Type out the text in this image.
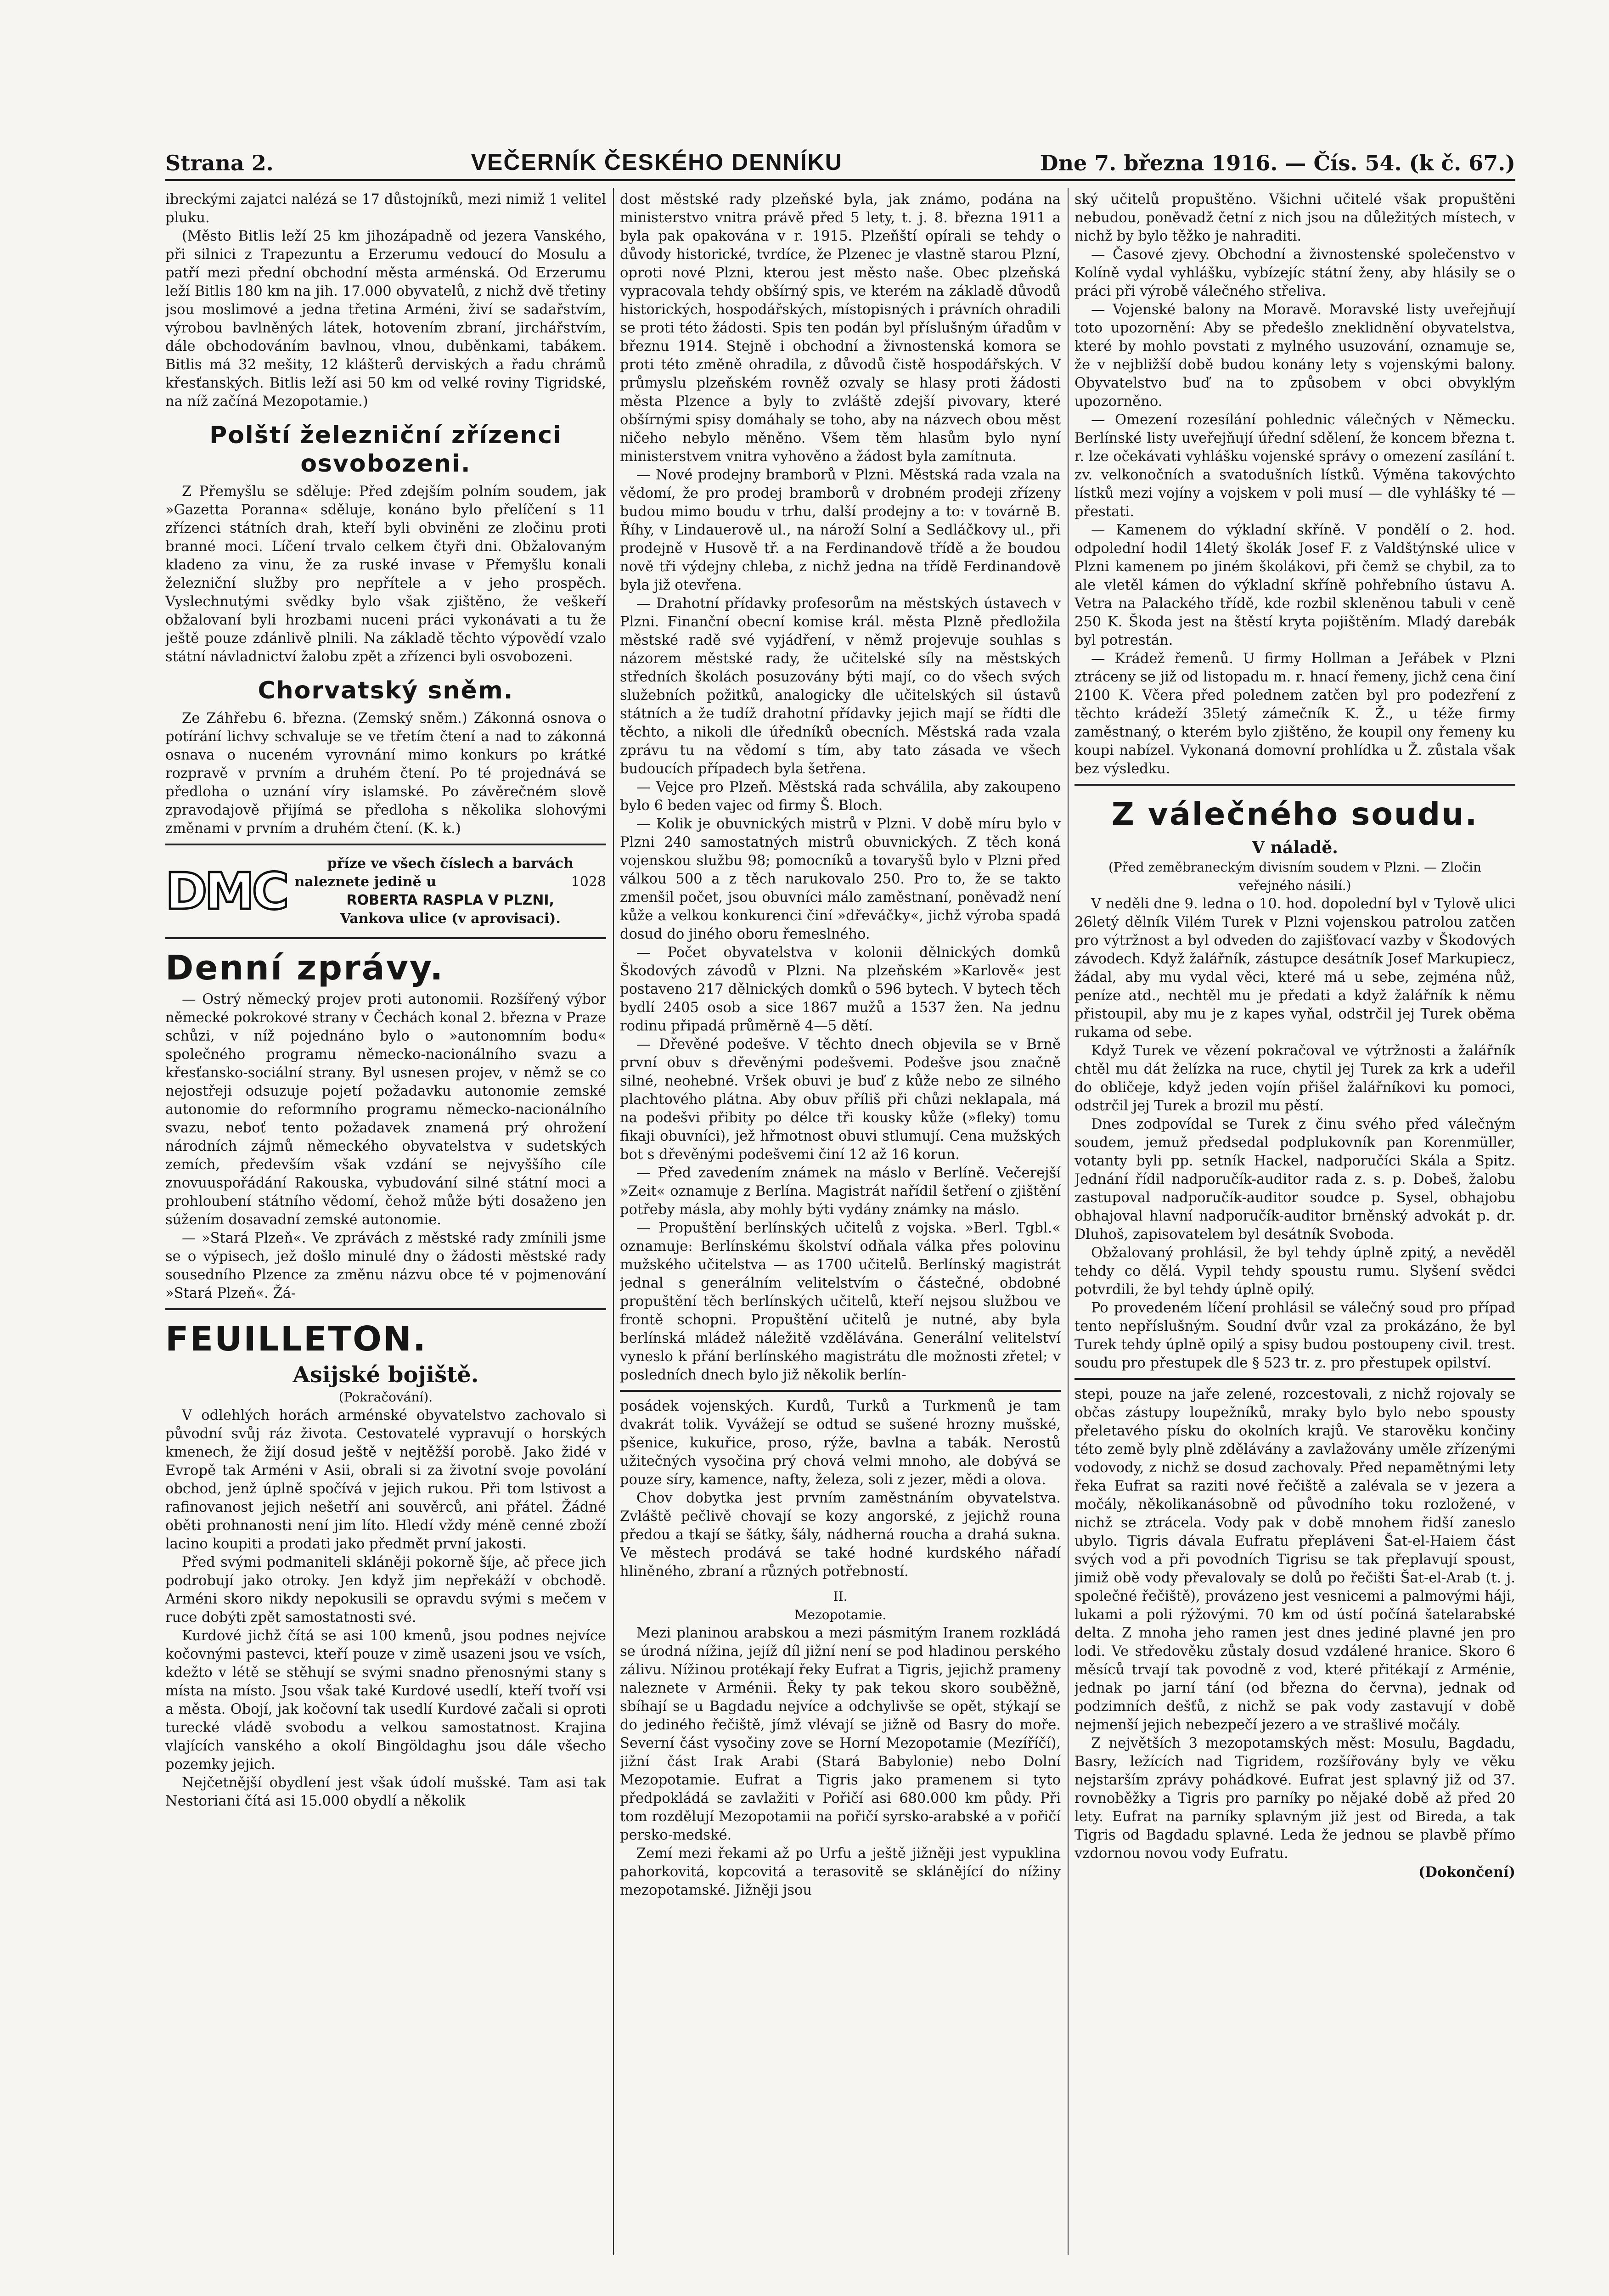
Strana 2.	VEČERNÍK ČESKÉHO DENNÍKU	Dne 7. března 1916. — Čís. 54. (k č. 67.)

ibreckými zajatci nalézá se 17 důstojníků, mezi nimiž 1 velitel pluku.

(Město Bitlis leží 25 km jihozápadně od jezera Vanského, při silnici z Trapezuntu a Erzerumu vedoucí do Mosulu a patří mezi přední obchodní města arménská. Od Erzerumu leží Bitlis 180 km na jih. 17.000 obyvatelů, z nichž dvě třetiny jsou moslimové a jedna třetina Arméni, živí se sadařstvím, výrobou bavlněných látek, hotovením zbraní, jirchářstvím, dále obchodováním bavlnou, vlnou, duběnkami, tabákem. Bitlis má 32 mešity, 12 klášterů derviských a řadu chrámů křesťanských. Bitlis leží asi 50 km od velké roviny Tigridské, na níž začíná Mezopotamie.)

Polští železniční zřízenci osvobozeni.

Z Přemyšlu se sděluje: Před zdejším polním soudem, jak »Gazetta Poranna« sděluje, konáno bylo přelíčení s 11 zřízenci státních drah, kteří byli obviněni ze zločinu proti branné moci. Líčení trvalo celkem čtyři dni. Obžalovaným kladeno za vinu, že za ruské invase v Přemyšlu konali železniční služby pro nepřítele a v jeho prospěch. Vyslechnutými svědky bylo však zjištěno, že veškeří obžalovaní byli hrozbami nuceni práci vykonávati a tu že ještě pouze zdánlivě plnili. Na základě těchto výpovědí vzalo státní návladnictví žalobu zpět a zřízenci byli osvobozeni.

Chorvatský sněm.

Ze Záhřebu 6. března. (Zemský sněm.) Zákonná osnova o potírání lichvy schvaluje se ve třetím čtení a nad to zákonná osnava o nuceném vyrovnání mimo konkurs po krátké rozpravě v prvním a druhém čtení. Po té projednává se předloha o uznání víry islamské. Po závěrečném slově zpravodajově přijímá se předloha s několika slohovými změnami v prvním a druhém čtení. (K. k.)

DMC	příze ve všech číslech a barvách
naleznete jedině u	1028
ROBERTA RASPLA V PLZNI,
Vankova ulice (v aprovisaci).
Denní zprávy.

— Ostrý německý projev proti autonomii. Rozšířený výbor německé pokrokové strany v Čechách konal 2. března v Praze schůzi, v níž pojednáno bylo o »autonomním bodu« společného programu německo-nacionálního svazu a křesťansko-sociální strany. Byl usnesen projev, v němž se co nejostřeji odsuzuje pojetí požadavku autonomie zemské autonomie do reformního programu německo-nacionálního svazu, neboť tento požadavek znamená prý ohrožení národních zájmů německého obyvatelstva v sudetských zemích, především však vzdání se nejvyššího cíle znovuuspořádání Rakouska, vybudování silné státní moci a prohloubení státního vědomí, čehož může býti dosaženo jen súžením dosavadní zemské autonomie.

— »Stará Plzeň«. Ve zprávách z městské rady zmínili jsme se o výpisech, jež došlo minulé dny o žádosti městské rady sousedního Plzence za změnu názvu obce té v pojmenování »Stará Plzeň«. Žá-

FEUILLETON.
Asijské bojiště.
(Pokračování).

V odlehlých horách arménské obyvatelstvo zachovalo si původní svůj ráz života. Cestovatelé vypravují o horských kmenech, že žijí dosud ještě v nejtěžší porobě. Jako židé v Evropě tak Arméni v Asii, obrali si za životní svoje povolání obchod, jenž úplně spočívá v jejich rukou. Při tom lstivost a rafinovanost jejich nešetří ani souvěrců, ani přátel. Žádné oběti prohnanosti není jim líto. Hledí vždy méně cenné zboží lacino koupiti a prodati jako předmět první jakosti.

Před svými podmaniteli skláněji pokorně šíje, ač přece jich podrobují jako otroky. Jen když jim nepřekáží v obchodě. Arméni skoro nikdy nepokusili se opravdu svými s mečem v ruce dobýti zpět samostatnosti své.

Kurdové jichž čítá se asi 100 kmenů, jsou podnes nejvíce kočovnými pastevci, kteří pouze v zimě usazeni jsou ve vsích, kdežto v létě se stěhují se svými snadno přenosnými stany s místa na místo. Jsou však také Kurdové usedlí, kteří tvoří vsi a města. Obojí, jak kočovní tak usedlí Kurdové začali si oproti turecké vládě svobodu a velkou samostatnost. Krajina vlajících vanského a okolí Bingöldaghu jsou dále všecho pozemky jejich.

Nejčetnější obydlení jest však údolí mušské. Tam asi tak Nestoriani čítá asi 15.000 obydlí a několik

dost městské rady plzeňské byla, jak známo, podána na ministerstvo vnitra právě před 5 lety, t. j. 8. března 1911 a byla pak opakována v r. 1915. Plzeňští opírali se tehdy o důvody historické, tvrdíce, že Plzenec je vlastně starou Plzní, oproti nové Plzni, kterou jest město naše. Obec plzeňská vypracovala tehdy obšírný spis, ve kterém na základě důvodů historických, hospodářských, místopisných i právních ohradili se proti této žádosti. Spis ten podán byl příslušným úřadům v březnu 1914. Stejně i obchodní a živnostenská komora se proti této změně ohradila, z důvodů čistě hospodářských. V průmyslu plzeňském rovněž ozvaly se hlasy proti žádosti města Plzence a byly to zvláště zdejší pivovary, které obšírnými spisy domáhaly se toho, aby na názvech obou měst ničeho nebylo měněno. Všem těm hlasům bylo nyní ministerstvem vnitra vyhověno a žádost byla zamítnuta.

— Nové prodejny bramborů v Plzni. Městská rada vzala na vědomí, že pro prodej bramborů v drobném prodeji zřízeny budou mimo boudu v trhu, další prodejny a to: v továrně B. Říhy, v Lindauerově ul., na nároží Solní a Sedláčkovy ul., při prodejně v Husově tř. a na Ferdinandově třídě a že boudou nově tři výdejny chleba, z nichž jedna na třídě Ferdinandově byla již otevřena.

— Drahotní přídavky profesorům na městských ústavech v Plzni. Finanční obecní komise král. města Plzně předložila městské radě své vyjádření, v němž projevuje souhlas s názorem městské rady, že učitelské síly na městských středních školách posuzovány býti mají, co do všech svých služebních požitků, analogicky dle učitelských sil ústavů státních a že tudíž drahotní přídavky jejich mají se řídti dle těchto, a nikoli dle úředníků obecních. Městská rada vzala zprávu tu na vědomí s tím, aby tato zásada ve všech budoucích případech byla šetřena.

— Vejce pro Plzeň. Městská rada schválila, aby zakoupeno bylo 6 beden vajec od firmy Š. Bloch.

— Kolik je obuvnických mistrů v Plzni. V době míru bylo v Plzni 240 samostatných mistrů obuvnických. Z těch koná vojenskou službu 98; pomocníků a tovaryšů bylo v Plzni před válkou 500 a z těch narukovalo 250. Pro to, že se takto zmenšil počet, jsou obuvníci málo zaměstnaní, poněvadž není kůže a velkou konkurenci činí »dřeváčky«, jichž výroba spadá dosud do jiného oboru řemeslného.

— Počet obyvatelstva v kolonii dělnických domků Škodových závodů v Plzni. Na plzeňském »Karlově« jest postaveno 217 dělnických domků o 596 bytech. V bytech těch bydlí 2405 osob a sice 1867 mužů a 1537 žen. Na jednu rodinu připadá průměrně 4—5 dětí.

— Dřevěné podešve. V těchto dnech objevila se v Brně první obuv s dřevěnými podešvemi. Podešve jsou značně silné, neohebné. Vršek obuvi je buď z kůže nebo ze silného plachtového plátna. Aby obuv příliš při chůzi neklapala, má na podešvi přibity po délce tři kousky kůže (»flekyׂ) tomu fikaji obuvníci), jež hřmotnost obuvi stlumují. Cena mužských bot s dřevěnými podešvemi činí 12 až 16 korun.

— Před zavedením známek na máslo v Berlíně. Večerejší »Zeit« oznamuje z Berlína. Magistrát nařídil šetření o zjištění potřeby másla, aby mohly býti vydány známky na máslo.

— Propuštění berlínských učitelů z vojska. »Berl. Tgbl.« oznamuje: Berlínskému školství odňala válka přes polovinu mužského učitelstva — as 1700 učitelů. Berlínský magistrát jednal s generálním velitelstvím o částečné, obdobné propuštění těch berlínských učitelů, kteří nejsou službou ve frontě schopni. Propuštění učitelů je nutné, aby byla berlínská mládež náležitě vzdělávána. Generální velitelství vyneslo k přání berlínského magistrátu dle možnosti zřetel; v posledních dnech bylo již několik berlín-

posádek vojenských. Kurdů, Turků a Turkmenů je tam dvakrát tolik. Vyvážejí se odtud se sušené hrozny mušské, pšenice, kukuřice, proso, rýže, bavlna a tabák. Nerostů užitečných vysočina prý chová velmi mnoho, ale dobývá se pouze síry, kamence, nafty, železa, soli z jezer, mědi a olova.

Chov dobytka jest prvním zaměstnáním obyvatelstva. Zvláště pečlivě chovají se kozy angorské, z jejichž rouna předou a tkají se šátky, šály, nádherná roucha a drahá sukna. Ve městech prodává se také hodné kurdského nářadí hliněného, zbraní a různých potřebností.

II.
Mezopotamie.

Mezi planinou arabskou a mezi pásmitým Iranem rozkládá se úrodná nížina, jejíž díl jižní není se pod hladinou perského zálivu. Nížinou protékají řeky Eufrat a Tigris, jejichž prameny naleznete v Arménii. Řeky ty pak tekou skoro souběžně, sbíhají se u Bagdadu nejvíce a odchylivše se opět, stýkají se do jediného řečiště, jímž vlévají se jižně od Basry do moře. Severní část vysočiny zove se Horní Mezopotamie (Mezíříčí), jižní část Irak Arabi (Stará Babylonie) nebo Dolní Mezopotamie. Eufrat a Tigris jako pramenem si tyto předpokládá se zavlažiti v Pořičí asi 680.000 km půdy. Při tom rozdělují Mezopotamii na pořičí syrsko-arabské a v pořičí persko-medské.

Zemí mezi řekami až po Urfu a ještě jižněji jest vypuklina pahorkovitá, kopcovitá a terasovitě se sklánějící do nížiny mezopotamské. Jižněji jsou

ský učitelů propuštěno. Všichni učitelé však propuštěni nebudou, poněvadž četní z nich jsou na důležitých místech, v nichž by bylo těžko je nahraditi.

— Časové zjevy. Obchodní a živnostenské společenstvo v Kolíně vydal vyhlášku, vybízejíc státní ženy, aby hlásily se o práci při výrobě válečného střeliva.

— Vojenské balony na Moravě. Moravské listy uveřejňují toto upozornění: Aby se předešlo zneklidnění obyvatelstva, které by mohlo povstati z mylného usuzování, oznamuje se, že v nejbližší době budou konány lety s vojenskými balony. Obyvatelstvo buď na to způsobem v obci obvyklým upozorněno.

— Omezení rozesílání pohlednic válečných v Německu. Berlínské listy uveřejňují úřední sdělení, že koncem března t. r. lze očekávati vyhlášku vojenské správy o omezení zasílání t. zv. velkonočních a svatodušních lístků. Výměna takovýchto lístků mezi vojíny a vojskem v poli musí — dle vyhlášky té — přestati.

— Kamenem do výkladní skříně. V pondělí o 2. hod. odpolední hodil 14letý školák Josef F. z Valdštýnské ulice v Plzni kamenem po jiném školákovi, při čemž se chybil, za to ale vletěl kámen do výkladní skříně pohřebního ústavu A. Vetra na Palackého třídě, kde rozbil skleněnou tabuli v ceně 250 K. Škoda jest na štěstí kryta pojištěním. Mladý darebák byl potrestán.

— Krádež řemenů. U firmy Hollman a Jeřábek v Plzni ztráceny se již od listopadu m. r. hnací řemeny, jichž cena činí 2100 K. Včera před polednem zatčen byl pro podezření z těchto krádeží 35letý zámečník K. Ž., u téže firmy zaměstnaný, o kterém bylo zjištěno, že koupil ony řemeny ku koupi nabízel. Vykonaná domovní prohlídka u Ž. zůstala však bez výsledku.

Z válečného soudu.
V náladě.
(Před zeměbraneckým divisním soudem v Plzni. — Zločin veřejného násilí.)

V neděli dne 9. ledna o 10. hod. dopolední byl v Tylově ulici 26letý dělník Vilém Turek v Plzni vojenskou patrolou zatčen pro výtržnost a byl odveden do zajišťovací vazby v Škodových závodech. Když žalářník, zástupce desátník Josef Markupiecz, žádal, aby mu vydal věci, které má u sebe, zejména nůž, peníze atd., nechtěl mu je předati a když žalářník k němu přistoupil, aby mu je z kapes vyňal, odstrčil jej Turek oběma rukama od sebe.

Když Turek ve vězení pokračoval ve výtržnosti a žalářník chtěl mu dát želízka na ruce, chytil jej Turek za krk a udeřil do obličeje, když jeden vojín přišel žalářníkovi ku pomoci, odstrčil jej Turek a brozil mu pěstí.

Dnes zodpovídal se Turek z činu svého před válečným soudem, jemuž předsedal podplukovník pan Korenmüller, votanty byli pp. setník Hackel, nadporučíci Skála a Spitz. Jednání řídil nadporučík-auditor rada z. s. p. Dobeš, žalobu zastupoval nadporučík-auditor soudce p. Sysel, obhajobu obhajoval hlavní nadporučík-auditor brněnský advokát p. dr. Dluhoš, zapisovatelem byl desátník Svoboda.

Obžalovaný prohlásil, že byl tehdy úplně zpitý, a nevěděl tehdy co dělá. Vypil tehdy spoustu rumu. Slyšení svědci potvrdili, že byl tehdy úplně opilý.

Po provedeném líčení prohlásil se válečný soud pro případ tento nepříslušným. Soudní dvůr vzal za prokázáno, že byl Turek tehdy úplně opilý a spisy budou postoupeny civil. trest. soudu pro přestupek dle § 523 tr. z. pro přestupek opilství.

stepi, pouze na jaře zelené, rozcestovali, z nichž rojovaly se občas zástupy loupežníků, mraky bylo bylo nebo spousty přeletavého písku do okolních krajů. Ve starověku končiny této země byly plně zdělávány a zavlažovány uměle zřízenými vodovody, z nichž se dosud zachovaly. Před nepamětnými lety řeka Eufrat sa raziti nové řečiště a zalévala se v jezera a močály, několikanásobně od původního toku rozložené, v nichž se ztrácela. Vody pak v době mnohem řidší zaneslo ubylo. Tigris dávala Eufratu přepláveni Šat-el-Haiem část svých vod a při povodních Tigrisu se tak přeplavují spoust, jimiž obě vody převalovaly se dolů po řečišti Šat-el-Arab (t. j. společné řečiště), provázeno jest vesnicemi a palmovými háji, lukami a poli rýžovými. 70 km od ústí počíná šatelarabské delta. Z mnoha jeho ramen jest dnes jediné plavné jen pro lodi. Ve středověku zůstaly dosud vzdálené hranice. Skoro 6 měsíců trvají tak povodně z vod, které přitékají z Arménie, jednak po jarní tání (od března do června), jednak od podzimních dešťů, z nichž se pak vody zastavují v době nejmenší jejich nebezpečí jezero a ve strašlivé močály.

Z největších 3 mezopotamských měst: Mosulu, Bagdadu, Basry, ležících nad Tigridem, rozšířovány byly ve věku nejstarším zprávy pohádkové. Eufrat jest splavný již od 37. rovnoběžky a Tigris pro parníky po nějaké době až před 20 lety. Eufrat na parníky splavným již jest od Bireda, a tak Tigris od Bagdadu splavné. Leda že jednou se plavbě přímo vzdornou novou vody Eufratu.

(Dokončení)
